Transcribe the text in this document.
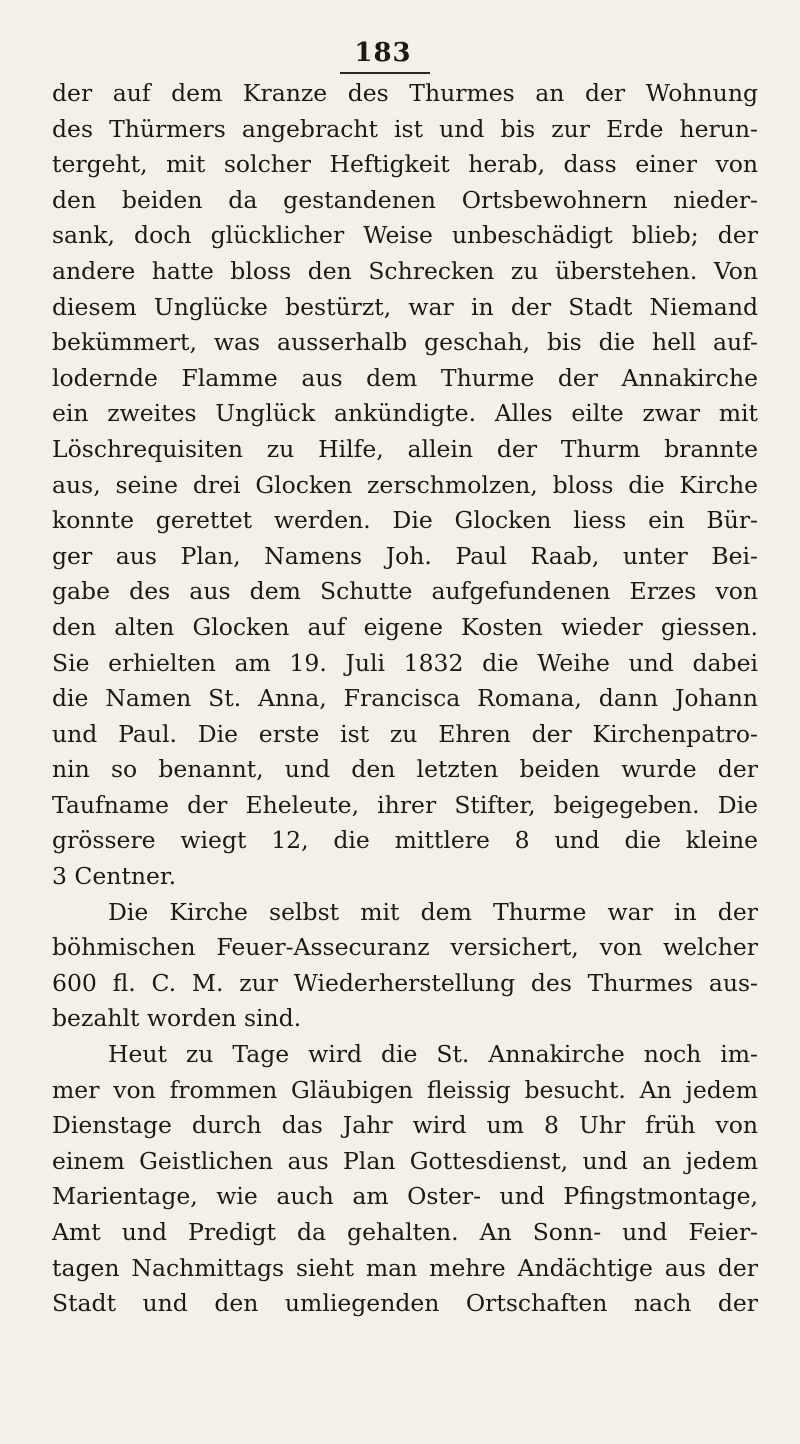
183
der auf dem Kranze des Thurmes an der Wohnung
des Thürmers angebracht ist und bis zur Erde herun-
tergeht, mit solcher Heftigkeit herab, dass einer von
den beiden da gestandenen Ortsbewohnern nieder-
sank, doch glücklicher Weise unbeschädigt blieb; der
andere hatte bloss den Schrecken zu überstehen. Von
diesem Unglücke bestürzt, war in der Stadt Niemand
bekümmert, was ausserhalb geschah, bis die hell auf-
lodernde Flamme aus dem Thurme der Annakirche
ein zweites Unglück ankündigte. Alles eilte zwar mit
Löschrequisiten zu Hilfe, allein der Thurm brannte
aus, seine drei Glocken zerschmolzen, bloss die Kirche
konnte gerettet werden. Die Glocken liess ein Bür-
ger aus Plan, Namens Joh. Paul Raab, unter Bei-
gabe des aus dem Schutte aufgefundenen Erzes von
den alten Glocken auf eigene Kosten wieder giessen.
Sie erhielten am 19. Juli 1832 die Weihe und dabei
die Namen St. Anna, Francisca Romana, dann Johann
und Paul. Die erste ist zu Ehren der Kirchenpatro-
nin so benannt, und den letzten beiden wurde der
Taufname der Eheleute, ihrer Stifter, beigegeben. Die
grössere wiegt 12, die mittlere 8 und die kleine
3 Centner.
Die Kirche selbst mit dem Thurme war in der
böhmischen Feuer-Assecuranz versichert, von welcher
600 fl. C. M. zur Wiederherstellung des Thurmes aus-
bezahlt worden sind.
Heut zu Tage wird die St. Annakirche noch im-
mer von frommen Gläubigen fleissig besucht. An jedem
Dienstage durch das Jahr wird um 8 Uhr früh von
einem Geistlichen aus Plan Gottesdienst, und an jedem
Marientage, wie auch am Oster- und Pfingstmontage,
Amt und Predigt da gehalten. An Sonn- und Feier-
tagen Nachmittags sieht man mehre Andächtige aus der
Stadt und den umliegenden Ortschaften nach der
